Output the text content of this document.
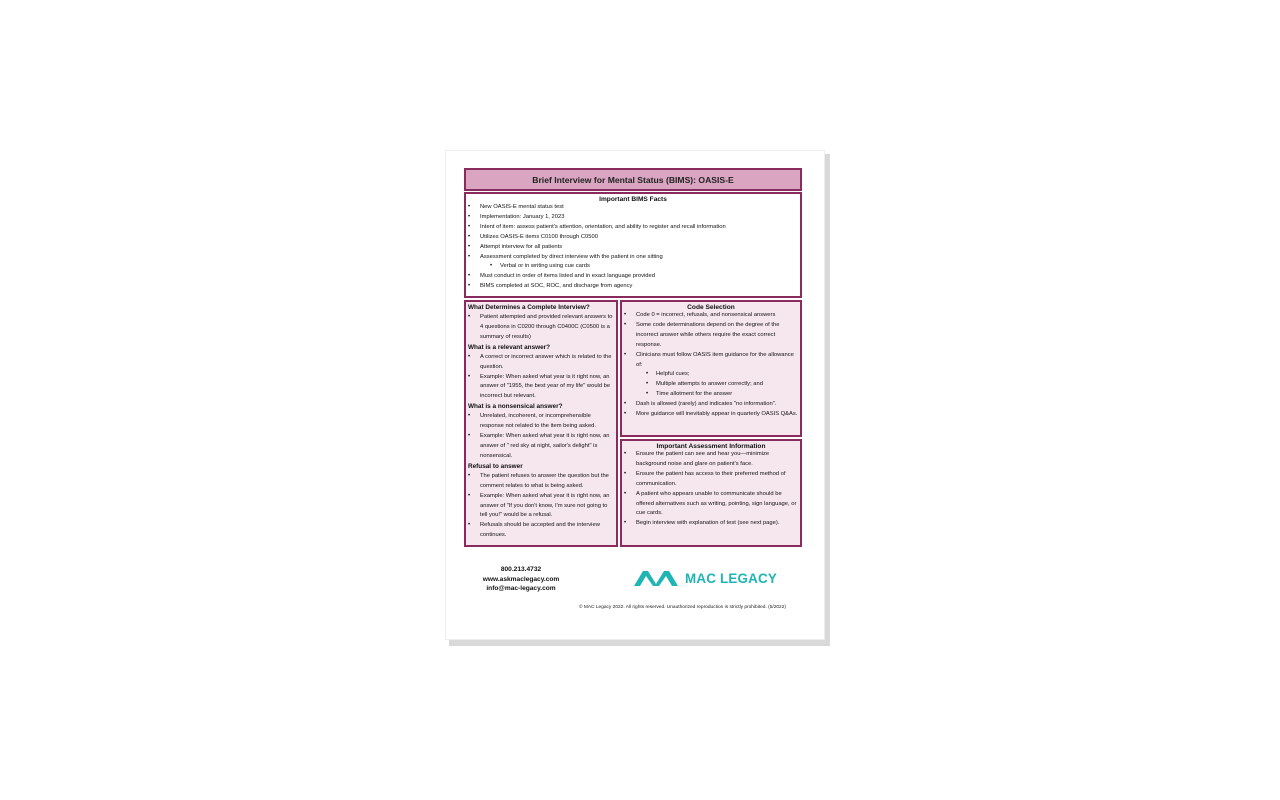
Brief Interview for Mental Status (BIMS): OASIS-E
Important BIMS Facts
• New OASIS-E mental status test
• Implementation: January 1, 2023
• Intent of item: assess patient's attention, orientation, and ability to register and recall information
• Utilizes OASIS-E items C0100 through C0500
• Attempt interview for all patients
• Assessment completed by direct interview with the patient in one sitting
• Verbal or in writing using cue cards
• Must conduct in order of items listed and in exact language provided
• BIMS completed at SOC, ROC, and discharge from agency
What Determines a Complete Interview?
• Patient attempted and provided relevant answers to 4 questions in C0200 through C0400C (C0500 is a summary of results)
What is a relevant answer?
• A correct or incorrect answer which is related to the question.
• Example: When asked what year is it right now, an answer of "1955, the best year of my life" would be incorrect but relevant.
What is a nonsensical answer?
• Unrelated, incoherent, or incomprehensible response not related to the item being asked.
• Example: When asked what year it is right now, an answer of " red sky at night, sailor's delight" is nonsensical.
Refusal to answer
• The patient refuses to answer the question but the comment relates to what is being asked.
• Example: When asked what year it is right now, an answer of "If you don't know, I'm sure not going to tell you!" would be a refusal.
• Refusals should be accepted and the interview continues.
Code Selection
• Code 0 = incorrect, refusals, and nonsensical answers
• Some code determinations depend on the degree of the incorrect answer while others require the exact correct response.
• Clinicians must follow OASIS item guidance for the allowance of:
• Helpful cues;
• Multiple attempts to answer correctly; and
• Time allotment for the answer
• Dash is allowed (rarely) and indicates "no information".
• More guidance will inevitably appear in quarterly OASIS Q&As.
Important Assessment Information
• Ensure the patient can see and hear you—minimize background noise and glare on patient's face.
• Ensure the patient has access to their preferred method of communication.
• A patient who appears unable to communicate should be offered alternatives such as writing, pointing, sign language, or cue cards.
• Begin interview with explanation of test (see next page).
800.213.4732
www.askmaclegacy.com
info@mac-legacy.com
MAC LEGACY
© MAC Legacy 2022. All rights reserved. Unauthorized reproduction is strictly prohibited. (5/2022)
